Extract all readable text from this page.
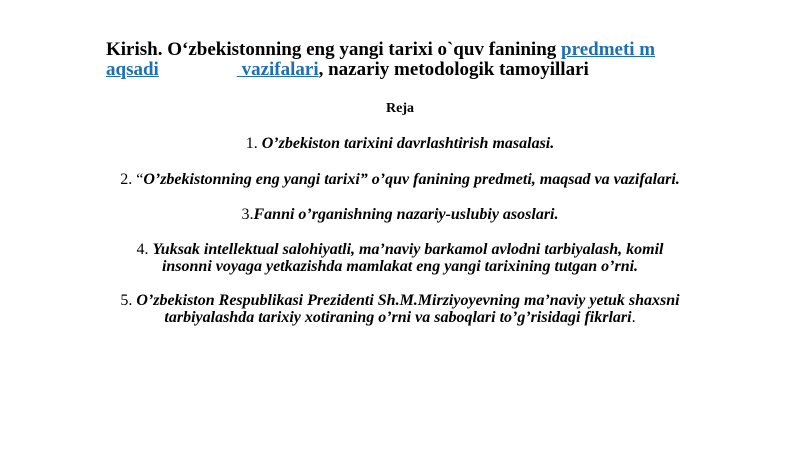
Kirish. O‘zbekistonning eng yangi tarixi o`quv fanining predmeti m
aqsadi	vazifalari, nazariy metodologik tamoyillari
Reja
1. O’zbekiston tarixini davrlashtirish masalasi.
2. “O’zbekistonning eng yangi tarixi” o’quv fanining predmeti, maqsad va vazifalari.
3.Fanni o’rganishning nazariy-uslubiy asoslari.
4. Yuksak intellektual salohiyatli, ma’naviy barkamol avlodni tarbiyalash, komil
insonni voyaga yetkazishda mamlakat eng yangi tarixining tutgan o’rni.
5. O’zbekiston Respublikasi Prezidenti Sh.M.Mirziyoyevning ma’naviy yetuk shaxsni
tarbiyalashda tarixiy xotiraning o’rni va saboqlari to’g’risidagi fikrlari.
